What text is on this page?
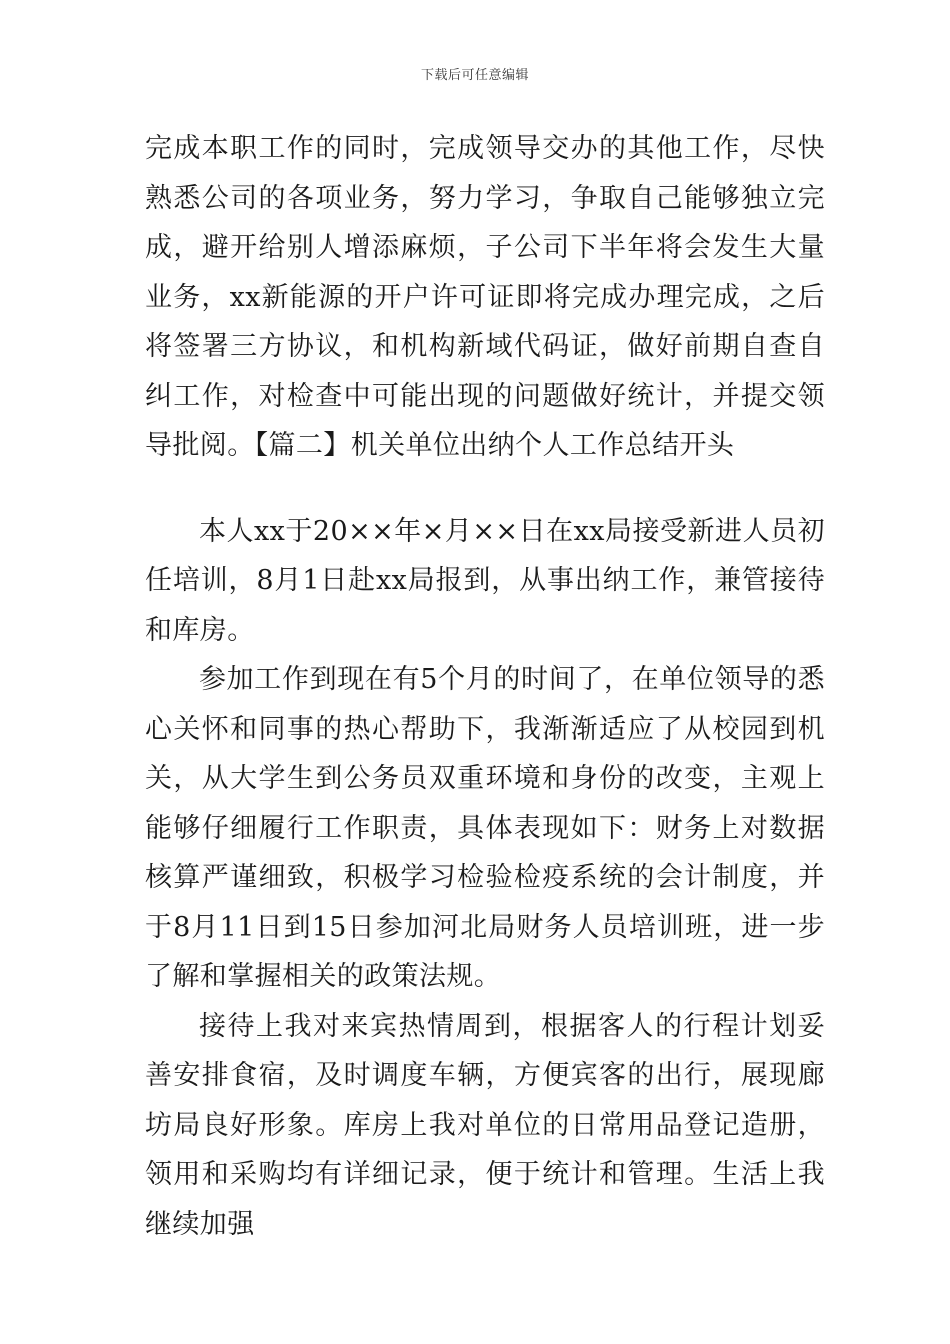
下载后可任意编辑

完成本职工作的同时，完成领导交办的其他工作，尽快熟悉公司的各项业务，努力学习，争取自己能够独立完成，避开给别人增添麻烦，子公司下半年将会发生大量业务，xx新能源的开户许可证即将完成办理完成，之后将签署三方协议，和机构新域代码证，做好前期自查自纠工作，对检查中可能出现的问题做好统计，并提交领导批阅。【篇二】机关单位出纳个人工作总结开头

本人xx于20××年×月××日在xx局接受新进人员初任培训，8月1日赴xx局报到，从事出纳工作，兼管接待和库房。

参加工作到现在有5个月的时间了，在单位领导的悉心关怀和同事的热心帮助下，我渐渐适应了从校园到机关，从大学生到公务员双重环境和身份的改变，主观上能够仔细履行工作职责，具体表现如下：财务上对数据核算严谨细致，积极学习检验检疫系统的会计制度，并于8月11日到15日参加河北局财务人员培训班，进一步了解和掌握相关的政策法规。

接待上我对来宾热情周到，根据客人的行程计划妥善安排食宿，及时调度车辆，方便宾客的出行，展现廊坊局良好形象。库房上我对单位的日常用品登记造册，领用和采购均有详细记录，便于统计和管理。生活上我继续加强
